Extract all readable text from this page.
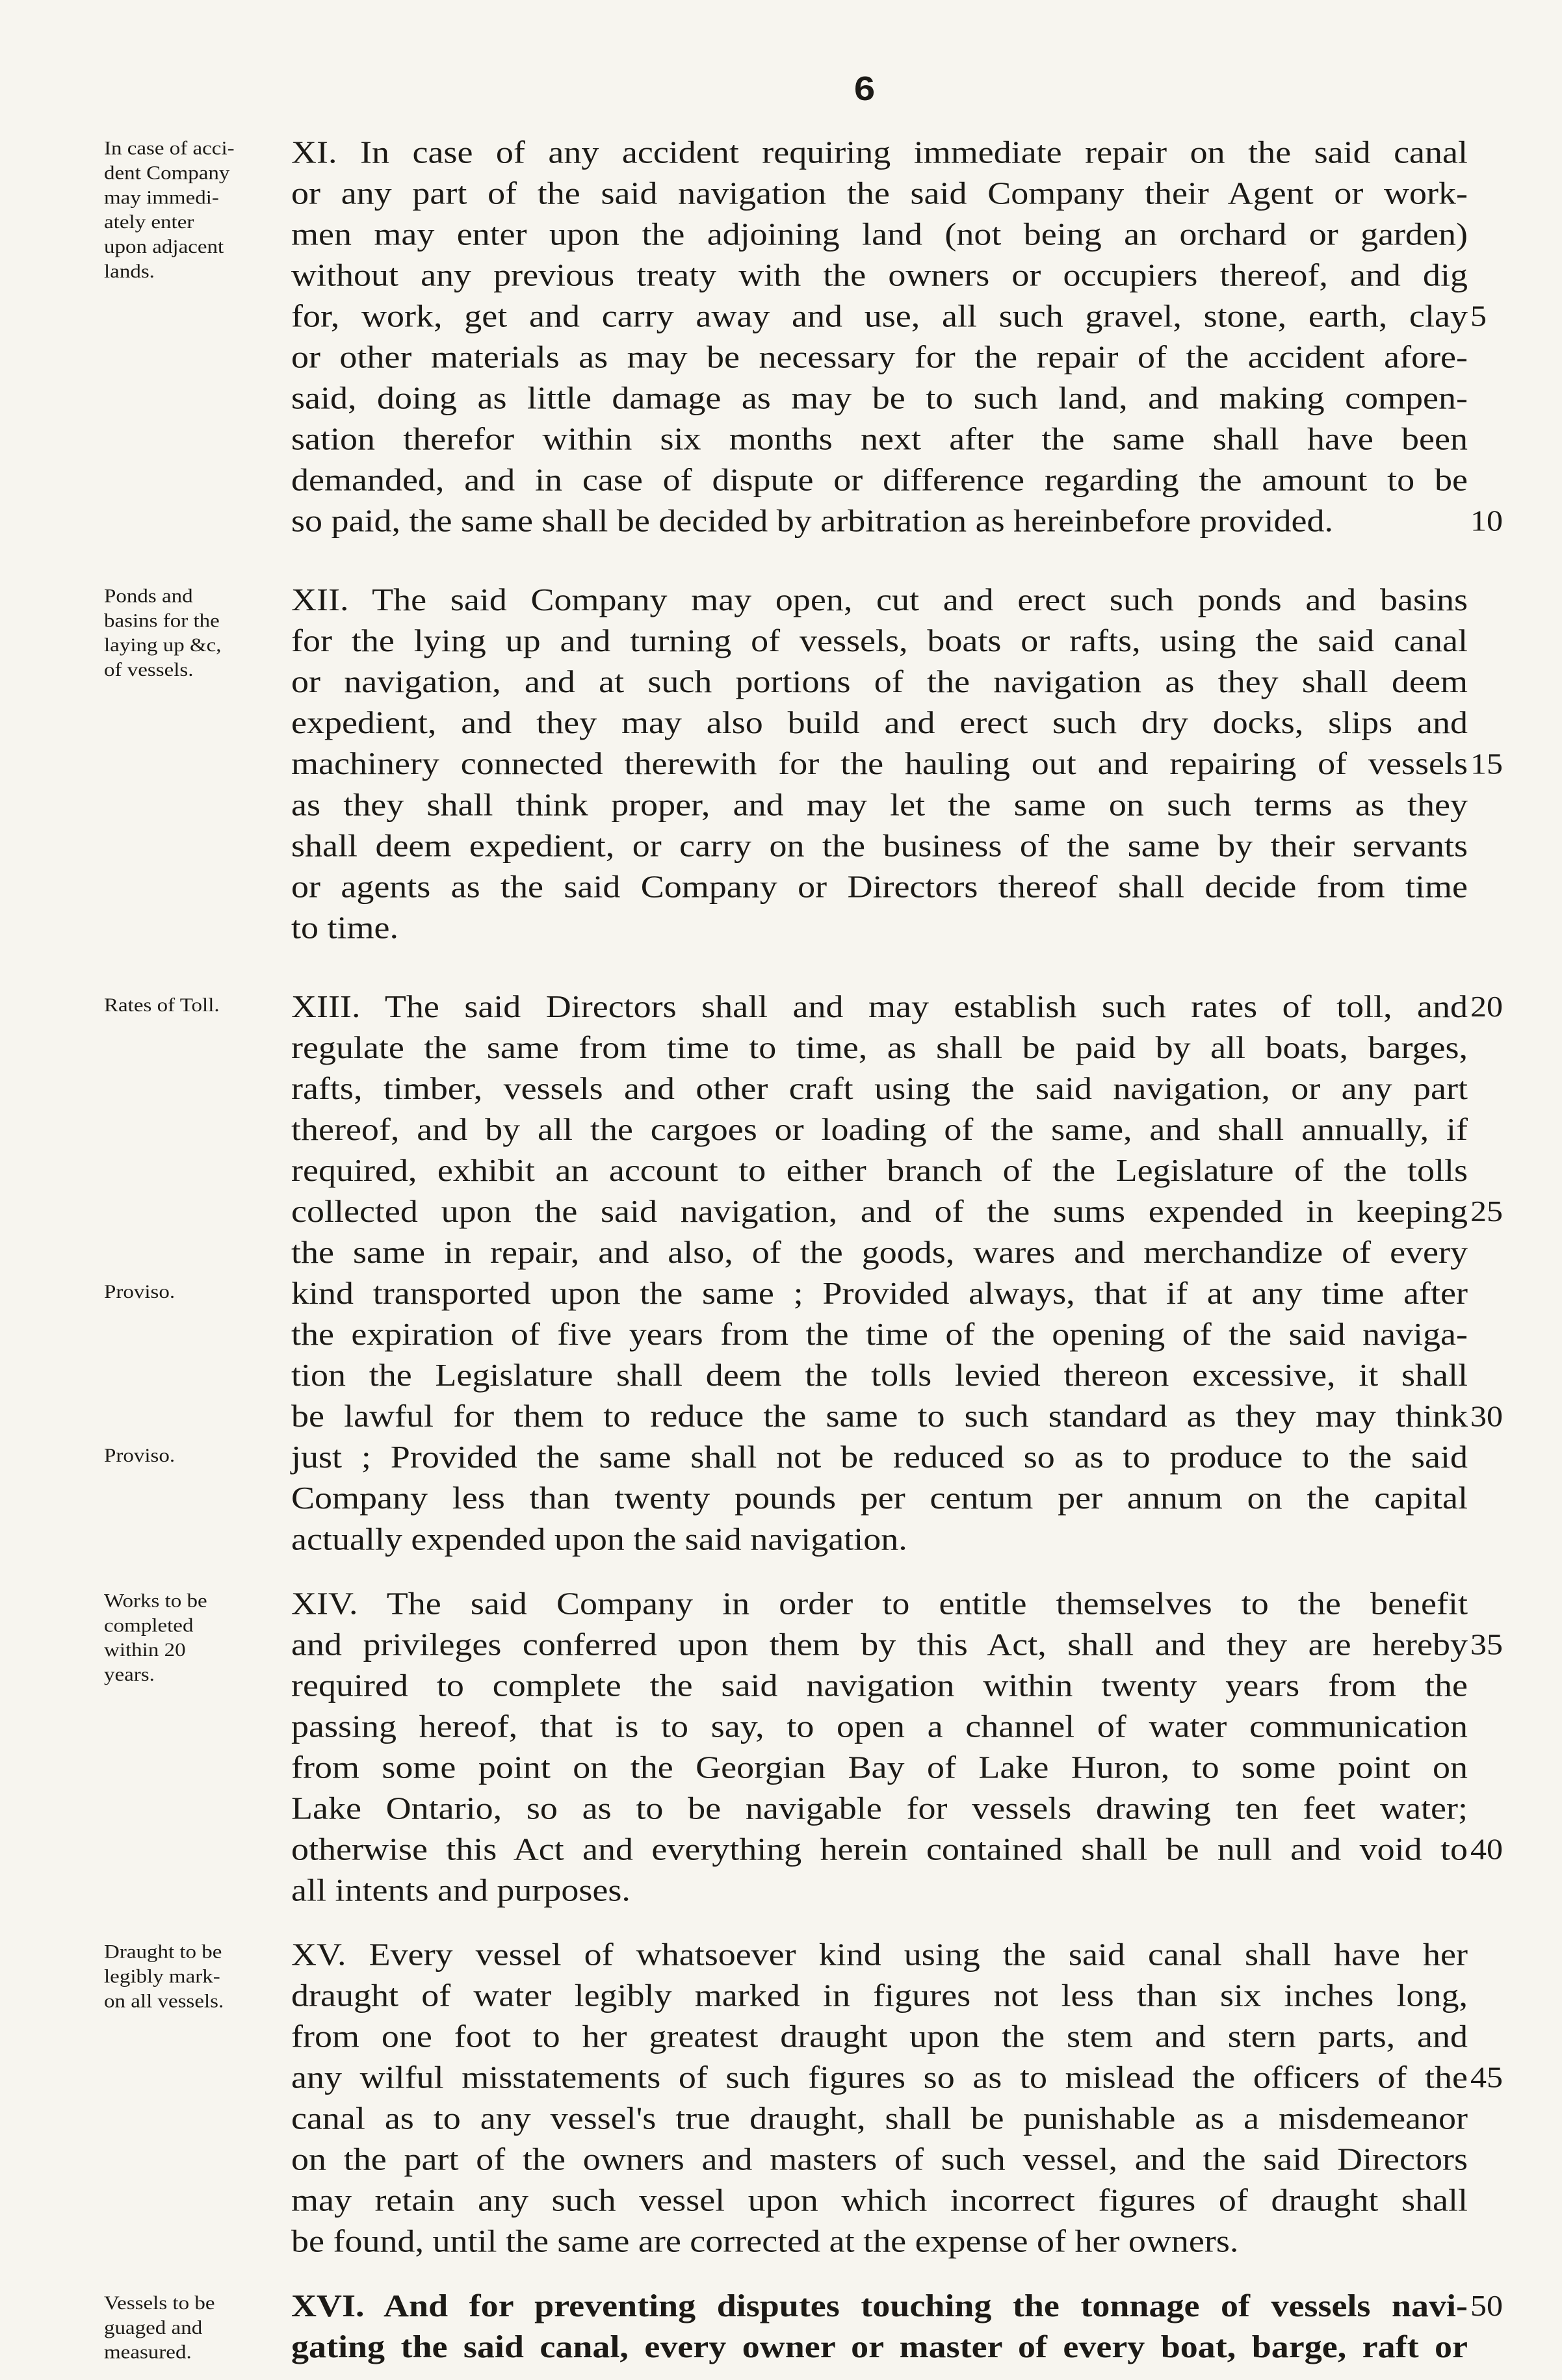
6
In case of acci-
dent Company
may immedi-
ately enter
upon adjacent
lands.
XI. In case of any accident requiring immediate repair on the said canal
or any part of the said navigation the said Company their Agent or work-
men may enter upon the adjoining land (not being an orchard or garden)
without any previous treaty with the owners or occupiers thereof, and dig
for, work, get and carry away and use, all such gravel, stone, earth, clay
or other materials as may be necessary for the repair of the accident afore-
said, doing as little damage as may be to such land, and making compen-
sation therefor within six months next after the same shall have been
demanded, and in case of dispute or difference regarding the amount to be
so paid, the same shall be decided by arbitration as hereinbefore provided.
5
10
Ponds and
basins for the
laying up &c,
of vessels.
XII. The said Company may open, cut and erect such ponds and basins
for the lying up and turning of vessels, boats or rafts, using the said canal
or navigation, and at such portions of the navigation as they shall deem
expedient, and they may also build and erect such dry docks, slips and
machinery connected therewith for the hauling out and repairing of vessels
as they shall think proper, and may let the same on such terms as they
shall deem expedient, or carry on the business of the same by their servants
or agents as the said Company or Directors thereof shall decide from time
to time.
15
Rates of Toll.
Proviso.
Proviso.
XIII. The said Directors shall and may establish such rates of toll, and
regulate the same from time to time, as shall be paid by all boats, barges,
rafts, timber, vessels and other craft using the said navigation, or any part
thereof, and by all the cargoes or loading of the same, and shall annually, if
required, exhibit an account to either branch of the Legislature of the tolls
collected upon the said navigation, and of the sums expended in keeping
the same in repair, and also, of the goods, wares and merchandize of every
kind transported upon the same ; Provided always, that if at any time after
the expiration of five years from the time of the opening of the said naviga-
tion the Legislature shall deem the tolls levied thereon excessive, it shall
be lawful for them to reduce the same to such standard as they may think
just ; Provided the same shall not be reduced so as to produce to the said
Company less than twenty pounds per centum per annum on the capital
actually expended upon the said navigation.
20
25
30
Works to be
completed
within 20
years.
XIV. The said Company in order to entitle themselves to the benefit
and privileges conferred upon them by this Act, shall and they are hereby
required to complete the said navigation within twenty years from the
passing hereof, that is to say, to open a channel of water communication
from some point on the Georgian Bay of Lake Huron, to some point on
Lake Ontario, so as to be navigable for vessels drawing ten feet water;
otherwise this Act and everything herein contained shall be null and void to
all intents and purposes.
35
40
Draught to be
legibly mark-
on all vessels.
XV. Every vessel of whatsoever kind using the said canal shall have her
draught of water legibly marked in figures not less than six inches long,
from one foot to her greatest draught upon the stem and stern parts, and
any wilful misstatements of such figures so as to mislead the officers of the
canal as to any vessel's true draught, shall be punishable as a misdemeanor
on the part of the owners and masters of such vessel, and the said Directors
may retain any such vessel upon which incorrect figures of draught shall
be found, until the same are corrected at the expense of her owners.
45
Vessels to be
guaged and
measured.
XVI. And for preventing disputes touching the tonnage of vessels navi-
gating the said canal, every owner or master of every boat, barge, raft or
50
